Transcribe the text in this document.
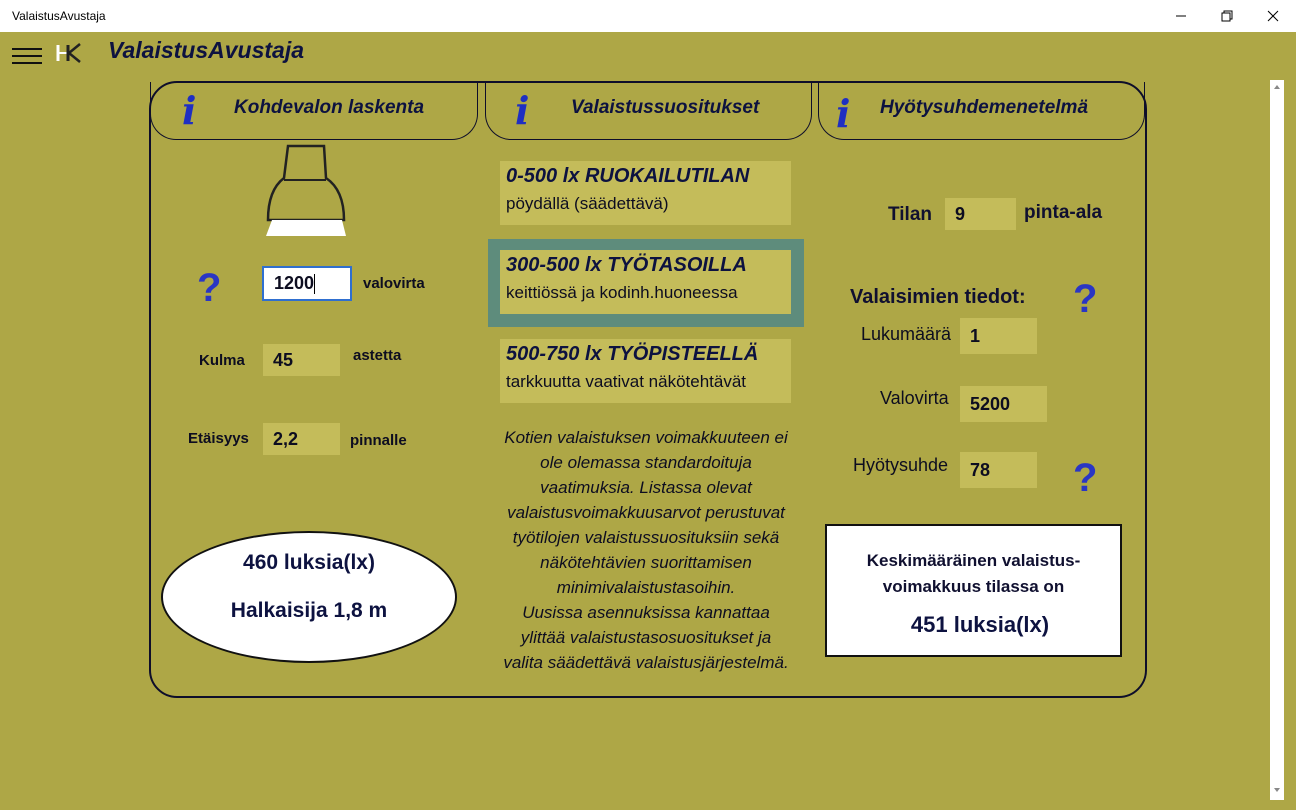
ValaistusAvustaja
ValaistusAvustaja
i Kohdevalon laskenta i Valaistussuositukset i Hyötysuhdemenetelmä
?	1200	valovirta
Kulma	45	astetta
Etäisyys	2,2	pinnalle
460 luksia(lx)
Halkaisija 1,8 m
0-500 lx RUOKAILUTILAN
pöydällä (säädettävä)
300-500 lx TYÖTASOILLA
keittiössä ja kodinh.huoneessa
500-750 lx TYÖPISTEELLÄ
tarkkuutta vaativat näkötehtävät
Kotien valaistuksen voimakkuuteen ei
ole olemassa standardoituja
vaatimuksia. Listassa olevat
valaistusvoimakkuusarvot perustuvat
työtilojen valaistussuosituksiin sekä
näkötehtävien suorittamisen
minimivalaistustasoihin.
Uusissa asennuksissa kannattaa
ylittää valaistustasosuositukset ja
valita säädettävä valaistusjärjestelmä.
Tilan	9	pinta-ala
Valaisimien tiedot: ?
Lukumäärä	1
Valovirta	5200
Hyötysuhde	78	?
Keskimääräinen valaistus-
voimakkuus tilassa on
451 luksia(lx)
